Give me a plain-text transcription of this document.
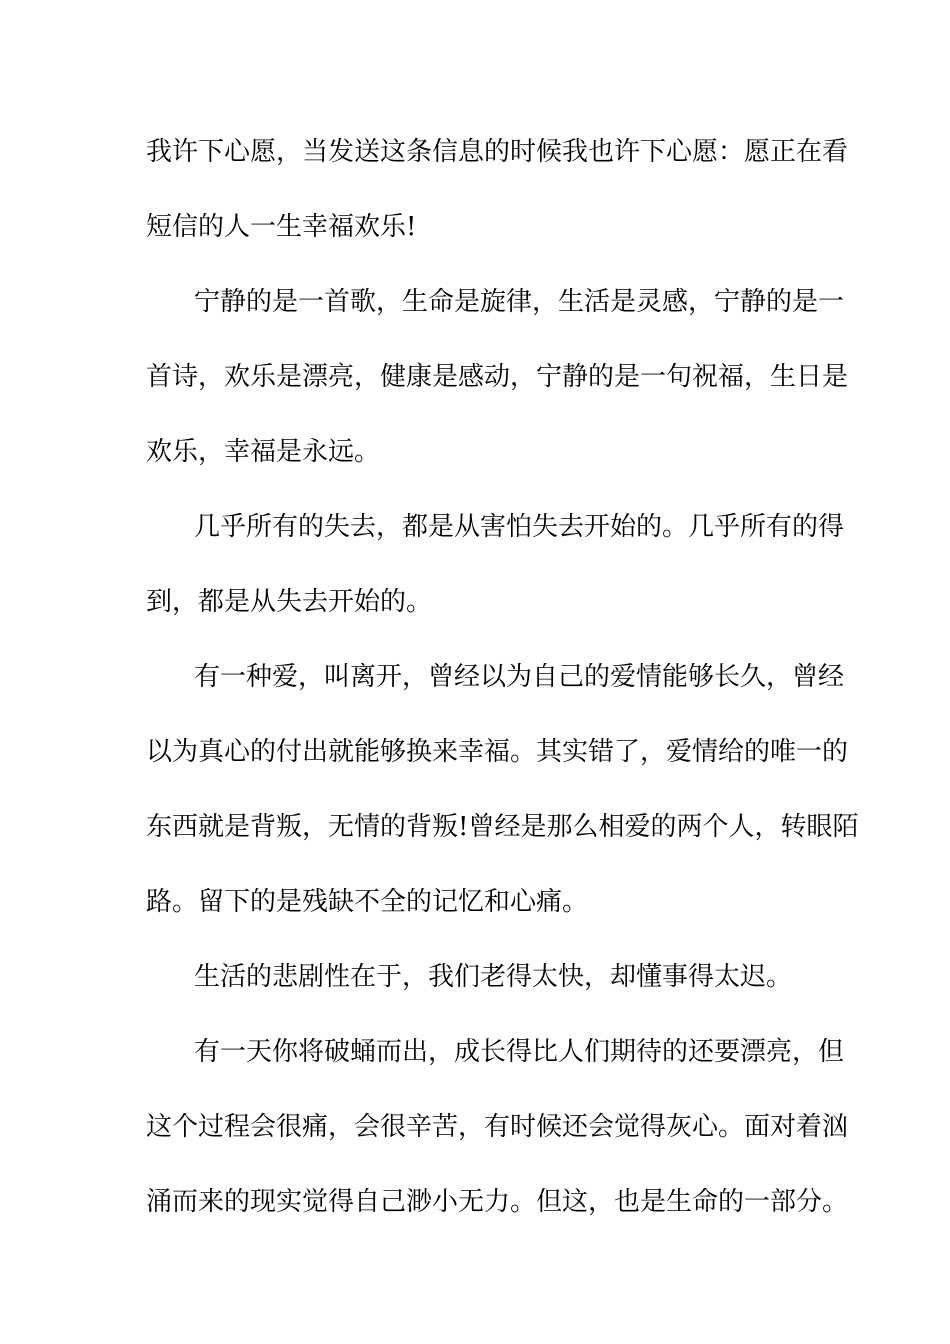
我许下心愿，当发送这条信息的时候我也许下心愿：愿正在看
短信的人一生幸福欢乐!
宁静的是一首歌，生命是旋律，生活是灵感，宁静的是一
首诗，欢乐是漂亮，健康是感动，宁静的是一句祝福，生日是
欢乐，幸福是永远。
几乎所有的失去，都是从害怕失去开始的。几乎所有的得
到，都是从失去开始的。
有一种爱，叫离开，曾经以为自己的爱情能够长久，曾经
以为真心的付出就能够换来幸福。其实错了，爱情给的唯一的
东西就是背叛，无情的背叛!曾经是那么相爱的两个人，转眼陌
路。留下的是残缺不全的记忆和心痛。
生活的悲剧性在于，我们老得太快，却懂事得太迟。
有一天你将破蛹而出，成长得比人们期待的还要漂亮，但
这个过程会很痛，会很辛苦，有时候还会觉得灰心。面对着汹
涌而来的现实觉得自己渺小无力。但这，也是生命的一部分。
